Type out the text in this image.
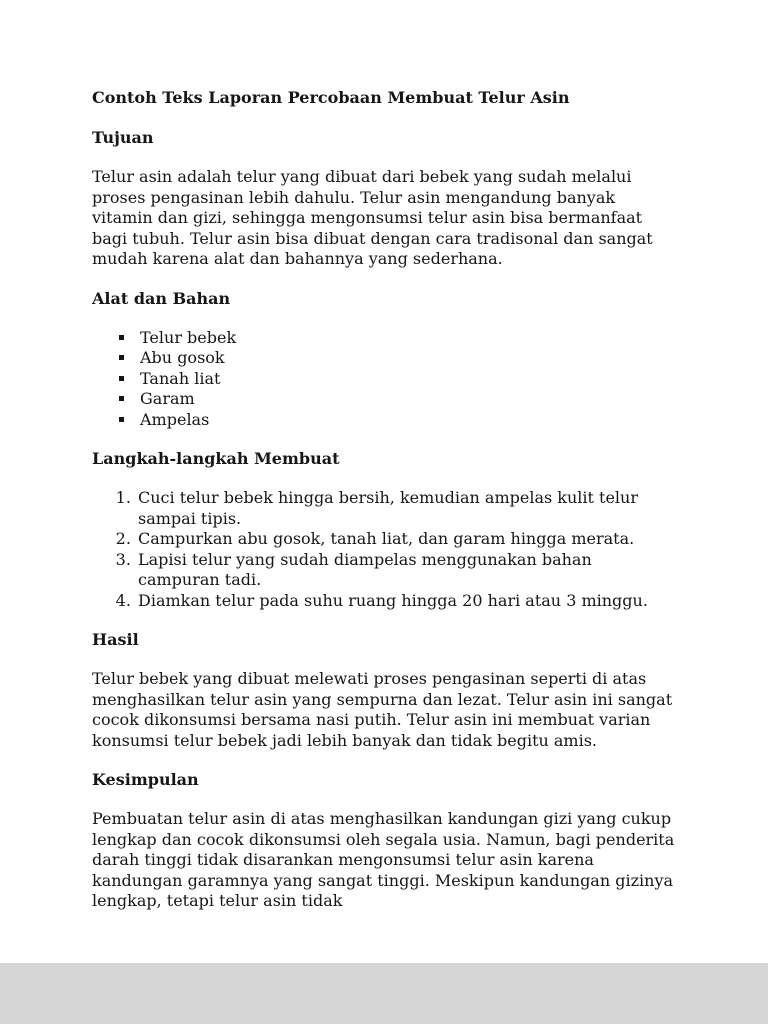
Contoh Teks Laporan Percobaan Membuat Telur Asin
Tujuan

Telur asin adalah telur yang dibuat dari bebek yang sudah melalui proses pengasinan lebih dahulu. Telur asin mengandung banyak vitamin dan gizi, sehingga mengonsumsi telur asin bisa bermanfaat bagi tubuh. Telur asin bisa dibuat dengan cara tradisonal dan sangat mudah karena alat dan bahannya yang sederhana.

Alat dan Bahan
▪ Telur bebek
▪ Abu gosok
▪ Tanah liat
▪ Garam
▪ Ampelas
Langkah-langkah Membuat
1. Cuci telur bebek hingga bersih, kemudian ampelas kulit telur sampai tipis.
2. Campurkan abu gosok, tanah liat, dan garam hingga merata.
3. Lapisi telur yang sudah diampelas menggunakan bahan campuran tadi.
4. Diamkan telur pada suhu ruang hingga 20 hari atau 3 minggu.
Hasil

Telur bebek yang dibuat melewati proses pengasinan seperti di atas menghasilkan telur asin yang sempurna dan lezat. Telur asin ini sangat cocok dikonsumsi bersama nasi putih. Telur asin ini membuat varian konsumsi telur bebek jadi lebih banyak dan tidak begitu amis.

Kesimpulan

Pembuatan telur asin di atas menghasilkan kandungan gizi yang cukup lengkap dan cocok dikonsumsi oleh segala usia. Namun, bagi penderita darah tinggi tidak disarankan mengonsumsi telur asin karena kandungan garamnya yang sangat tinggi. Meskipun kandungan gizinya lengkap, tetapi telur asin tidak
